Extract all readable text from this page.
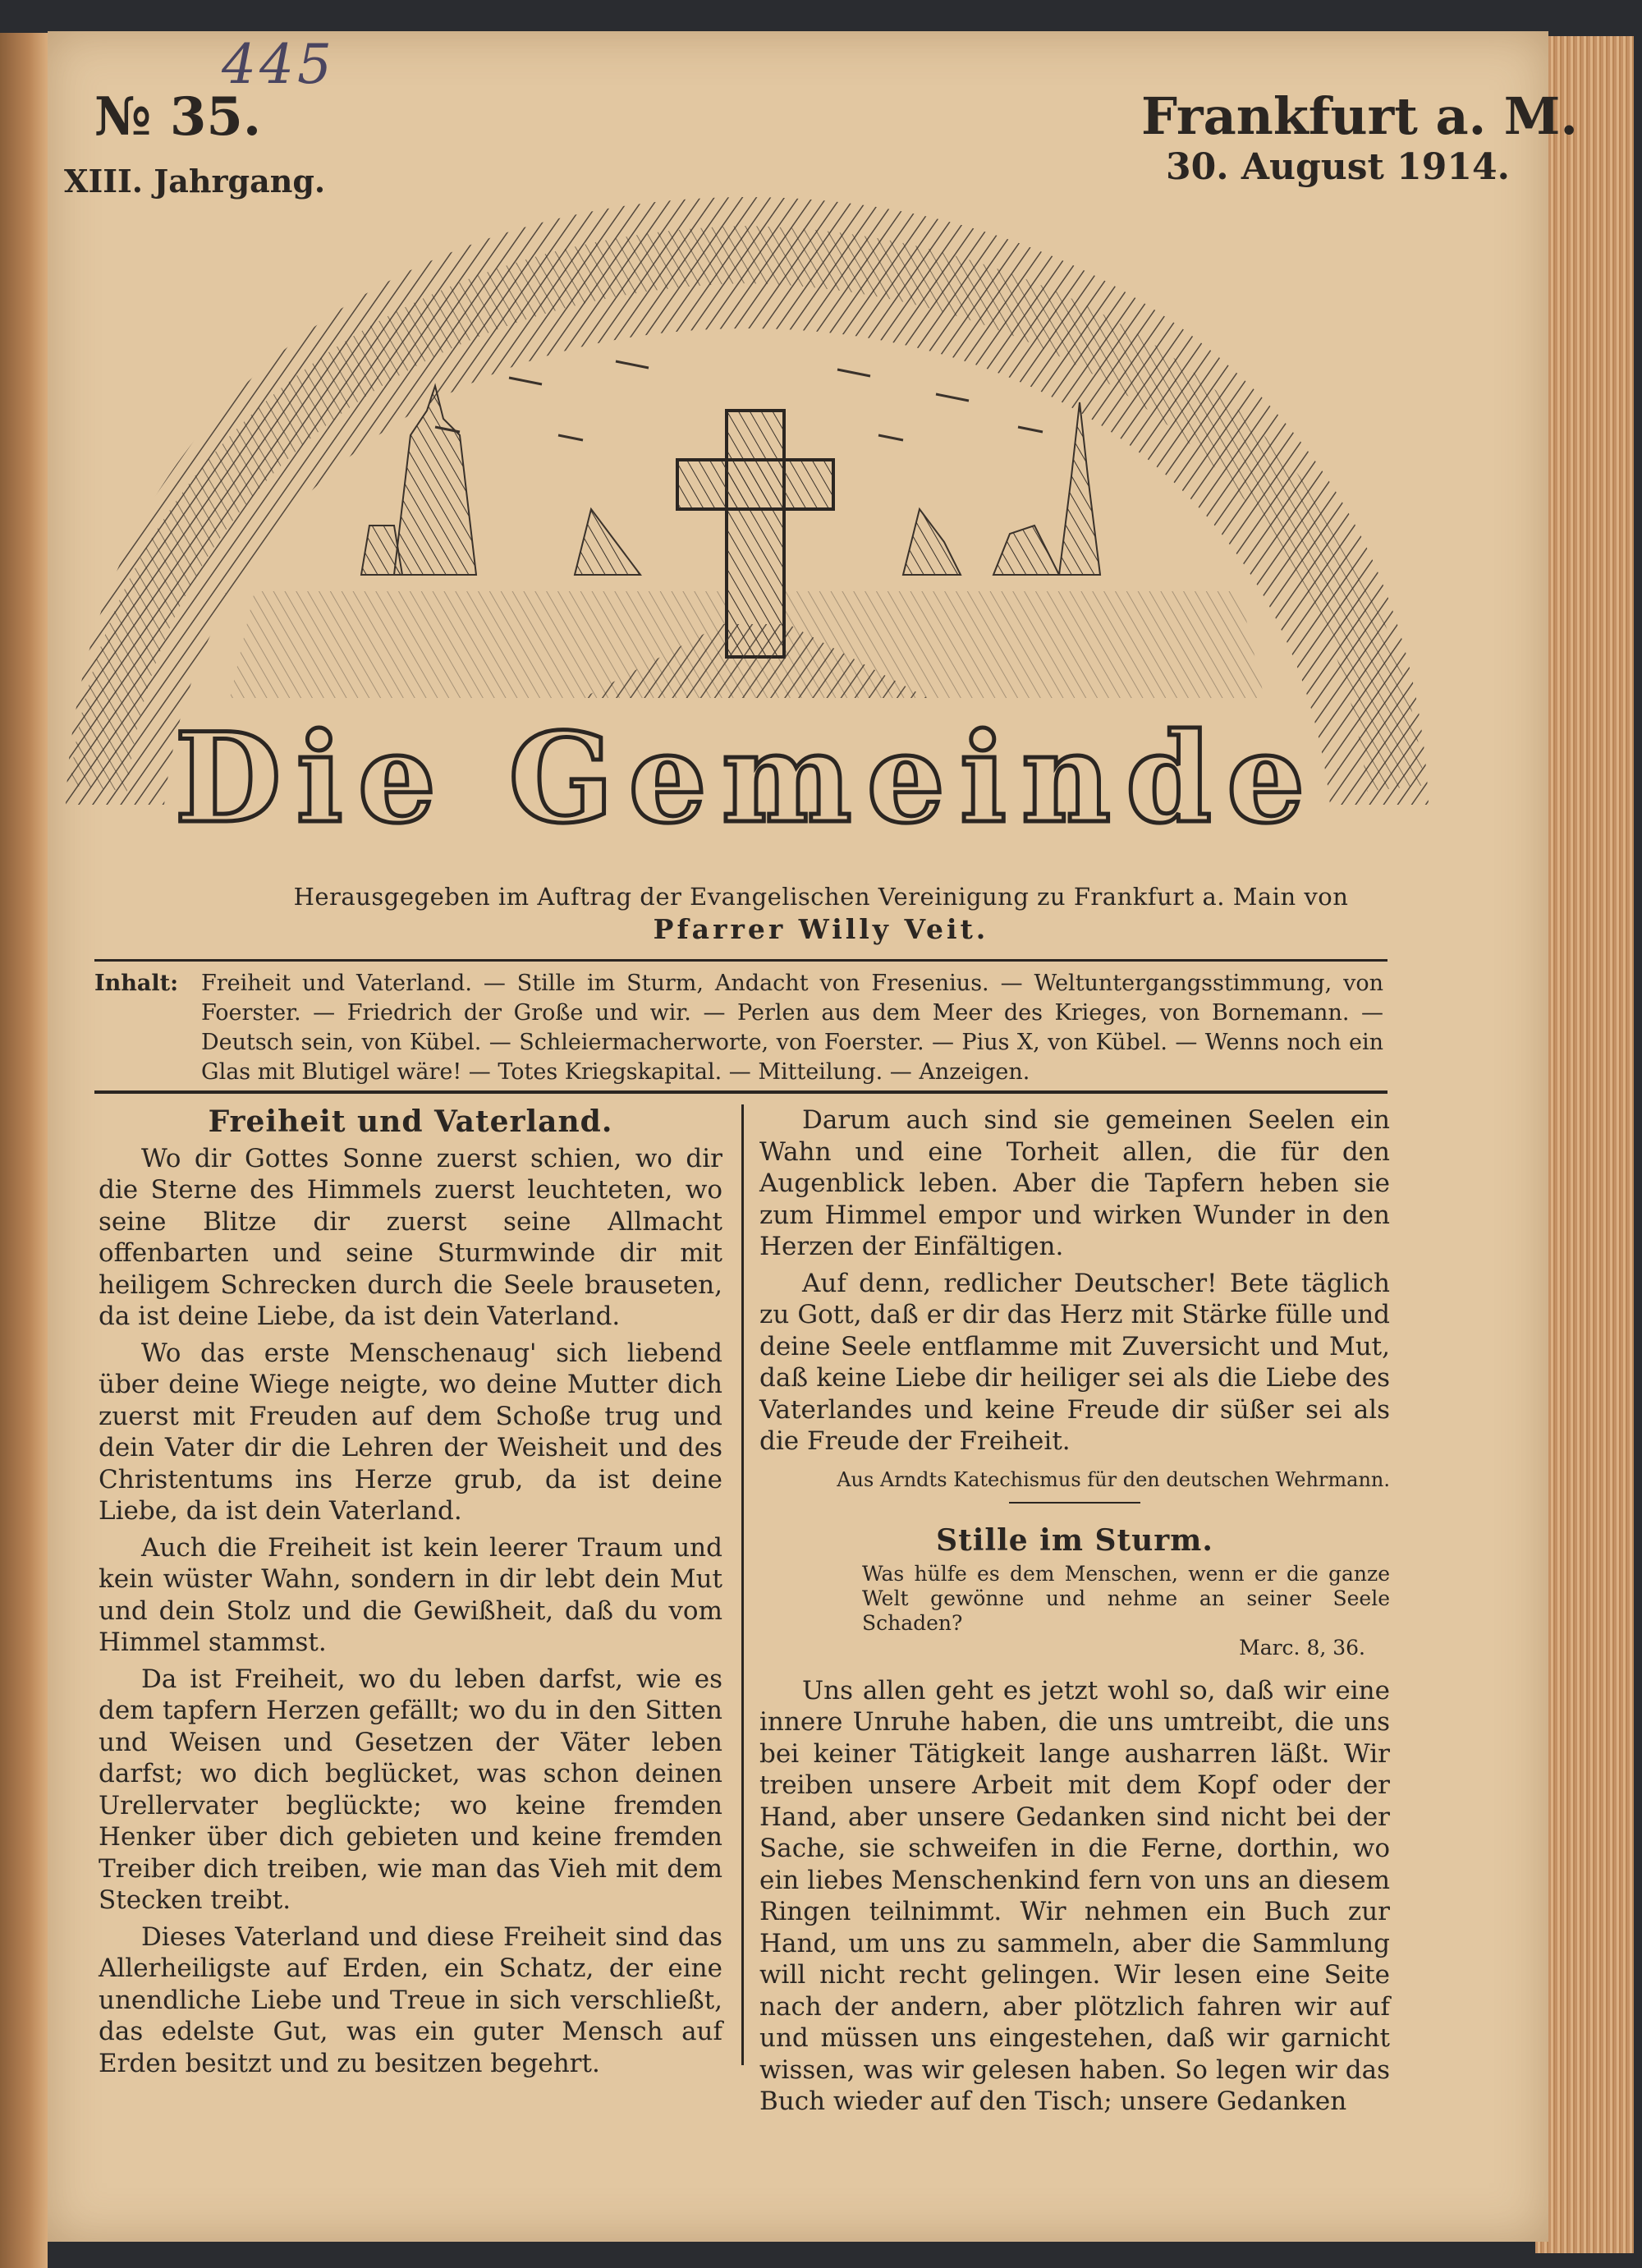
445
№ 35.
XIII. Jahrgang.
Frankfurt a. M.
30. August 1914.
Die Gemeinde
Herausgegeben im Auftrag der Evangelischen Vereinigung zu Frankfurt a. Main von
Pfarrer Willy Veit.
Inhalt: Freiheit und Vaterland. — Stille im Sturm, Andacht von Fresenius. — Weltuntergangsstimmung, von Foerster. — Friedrich der Große und wir. — Perlen aus dem Meer des Krieges, von Bornemann. — Deutsch sein, von Kübel. — Schleiermacherworte, von Foerster. — Pius X, von Kübel. — Wenns noch ein Glas mit Blutigel wäre! — Totes Kriegskapital. — Mitteilung. — Anzeigen.
Freiheit und Vaterland.

Wo dir Gottes Sonne zuerst schien, wo dir die Sterne des Himmels zuerst leuchteten, wo seine Blitze dir zuerst seine Allmacht offenbarten und seine Sturmwinde dir mit heiligem Schrecken durch die Seele brauseten, da ist deine Liebe, da ist dein Vaterland.

Wo das erste Menschenaug' sich liebend über deine Wiege neigte, wo deine Mutter dich zuerst mit Freuden auf dem Schoße trug und dein Vater dir die Lehren der Weisheit und des Christentums ins Herze grub, da ist deine Liebe, da ist dein Vaterland.

Auch die Freiheit ist kein leerer Traum und kein wüster Wahn, sondern in dir lebt dein Mut und dein Stolz und die Gewißheit, daß du vom Himmel stammst.

Da ist Freiheit, wo du leben darfst, wie es dem tapfern Herzen gefällt; wo du in den Sitten und Weisen und Gesetzen der Väter leben darfst; wo dich beglücket, was schon deinen Urellervater beglückte; wo keine fremden Henker über dich gebieten und keine fremden Treiber dich treiben, wie man das Vieh mit dem Stecken treibt.

Dieses Vaterland und diese Freiheit sind das Allerheiligste auf Erden, ein Schatz, der eine unendliche Liebe und Treue in sich verschließt, das edelste Gut, was ein guter Mensch auf Erden besitzt und zu besitzen begehrt.

Darum auch sind sie gemeinen Seelen ein Wahn und eine Torheit allen, die für den Augenblick leben. Aber die Tapfern heben sie zum Himmel empor und wirken Wunder in den Herzen der Einfältigen.

Auf denn, redlicher Deutscher! Bete täglich zu Gott, daß er dir das Herz mit Stärke fülle und deine Seele entflamme mit Zuversicht und Mut, daß keine Liebe dir heiliger sei als die Liebe des Vaterlandes und keine Freude dir süßer sei als die Freude der Freiheit.

Aus Arndts Katechismus für den deutschen Wehrmann.

Stille im Sturm.

Was hülfe es dem Menschen, wenn er die ganze Welt gewönne und nehme an seiner Seele Schaden?
Marc. 8, 36.

Uns allen geht es jetzt wohl so, daß wir eine innere Unruhe haben, die uns umtreibt, die uns bei keiner Tätigkeit lange ausharren läßt. Wir treiben unsere Arbeit mit dem Kopf oder der Hand, aber unsere Gedanken sind nicht bei der Sache, sie schweifen in die Ferne, dorthin, wo ein liebes Menschenkind fern von uns an diesem Ringen teilnimmt. Wir nehmen ein Buch zur Hand, um uns zu sammeln, aber die Sammlung will nicht recht gelingen. Wir lesen eine Seite nach der andern, aber plötzlich fahren wir auf und müssen uns eingestehen, daß wir garnicht wissen, was wir gelesen haben. So legen wir das Buch wieder auf den Tisch; unsere Gedanken
